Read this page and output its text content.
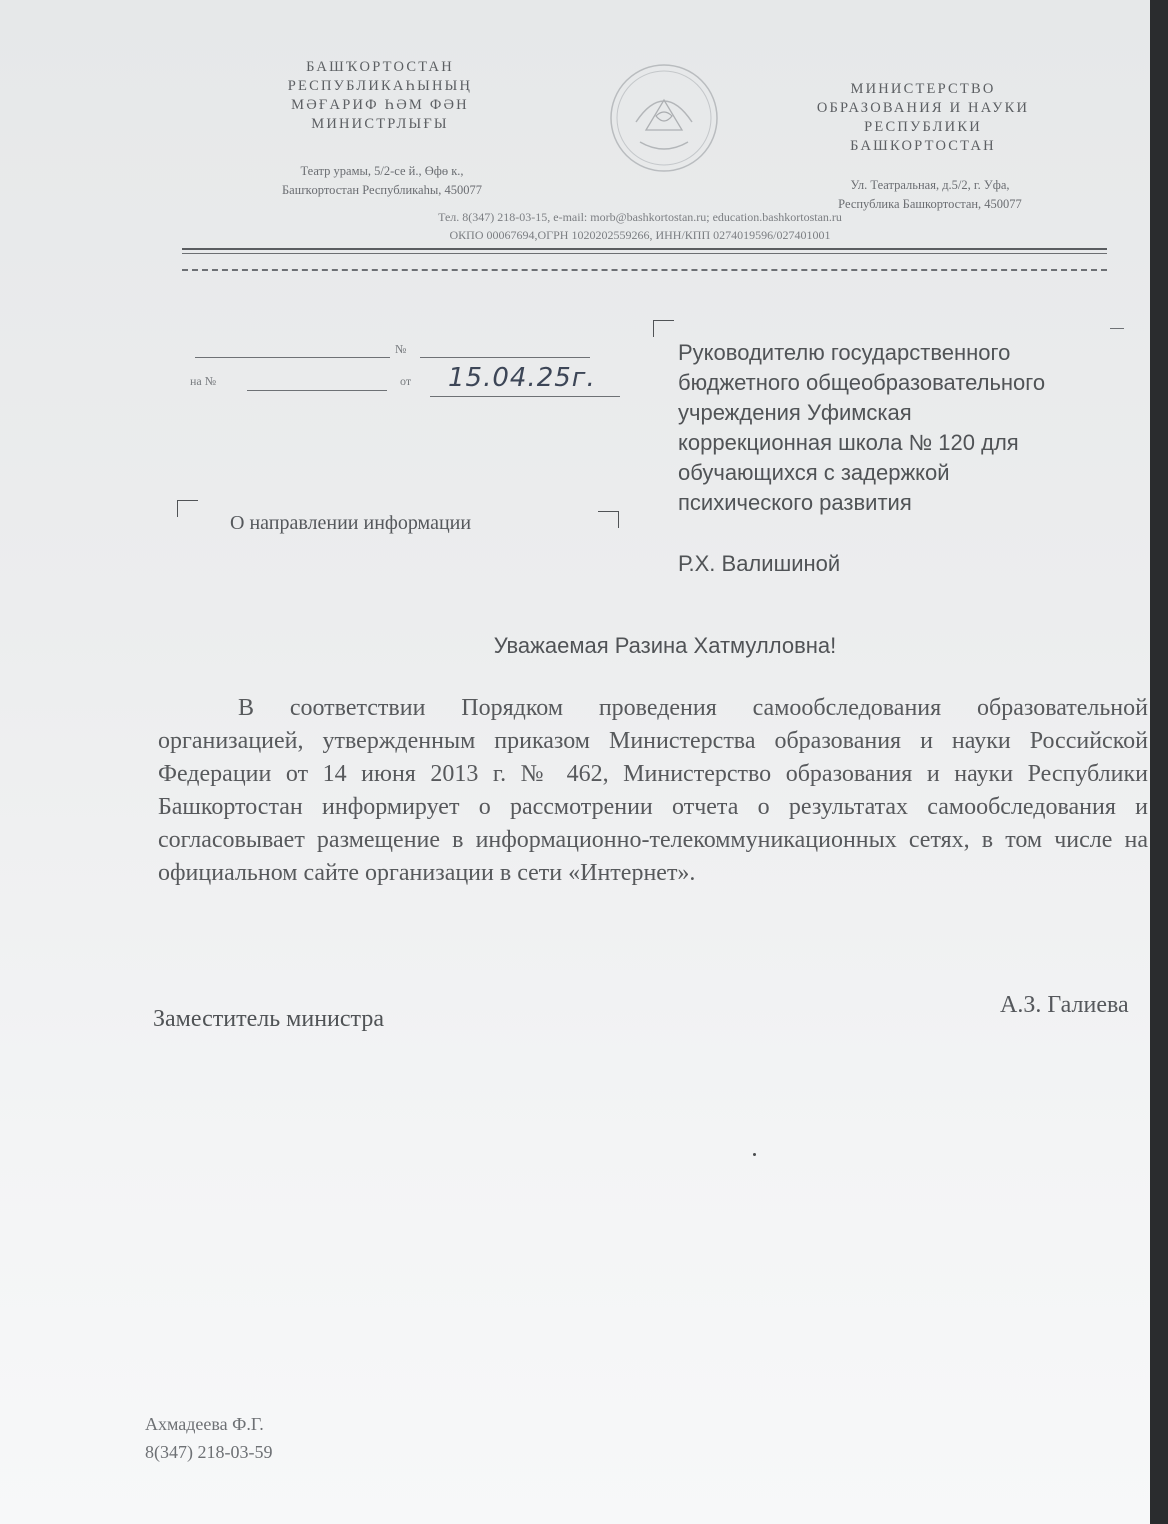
БАШҠОРТОСТАН
РЕСПУБЛИКАҺЫНЫҢ
МӘҒАРИФ ҺӘМ ФӘН
МИНИСТРЛЫҒЫ
Театр урамы, 5/2-се й., Өфө к.,
Башҡортостан Республикаһы, 450077
МИНИСТЕРСТВО
ОБРАЗОВАНИЯ И НАУКИ
РЕСПУБЛИКИ
БАШКОРТОСТАН
Ул. Театральная, д.5/2, г. Уфа,
Республика Башкортостан, 450077
Тел. 8(347) 218-03-15, e-mail: morb@bashkortostan.ru; education.bashkortostan.ru
ОКПО 00067694,ОГРН 1020202559266, ИНН/КПП 0274019596/027401001
№
на №	от 15.04.25г.
О направлении информации
Руководителю государственного
бюджетного общеобразовательного
учреждения Уфимская
коррекционная школа № 120 для
обучающихся с задержкой
психического развития
Р.Х. Валишиной
Уважаемая Разина Хатмулловна!
В соответствии Порядком проведения самообследования образовательной организацией, утвержденным приказом Министерства образования и науки Российской Федерации от 14 июня 2013 г. № 462, Министерство образования и науки Республики Башкортостан информирует о рассмотрении отчета о результатах самообследования и согласовывает размещение в информационно-телекоммуникационных сетях, в том числе на официальном сайте организации в сети «Интернет».
Заместитель министра
А.З. Галиева
Ахмадеева Ф.Г.
8(347) 218-03-59
